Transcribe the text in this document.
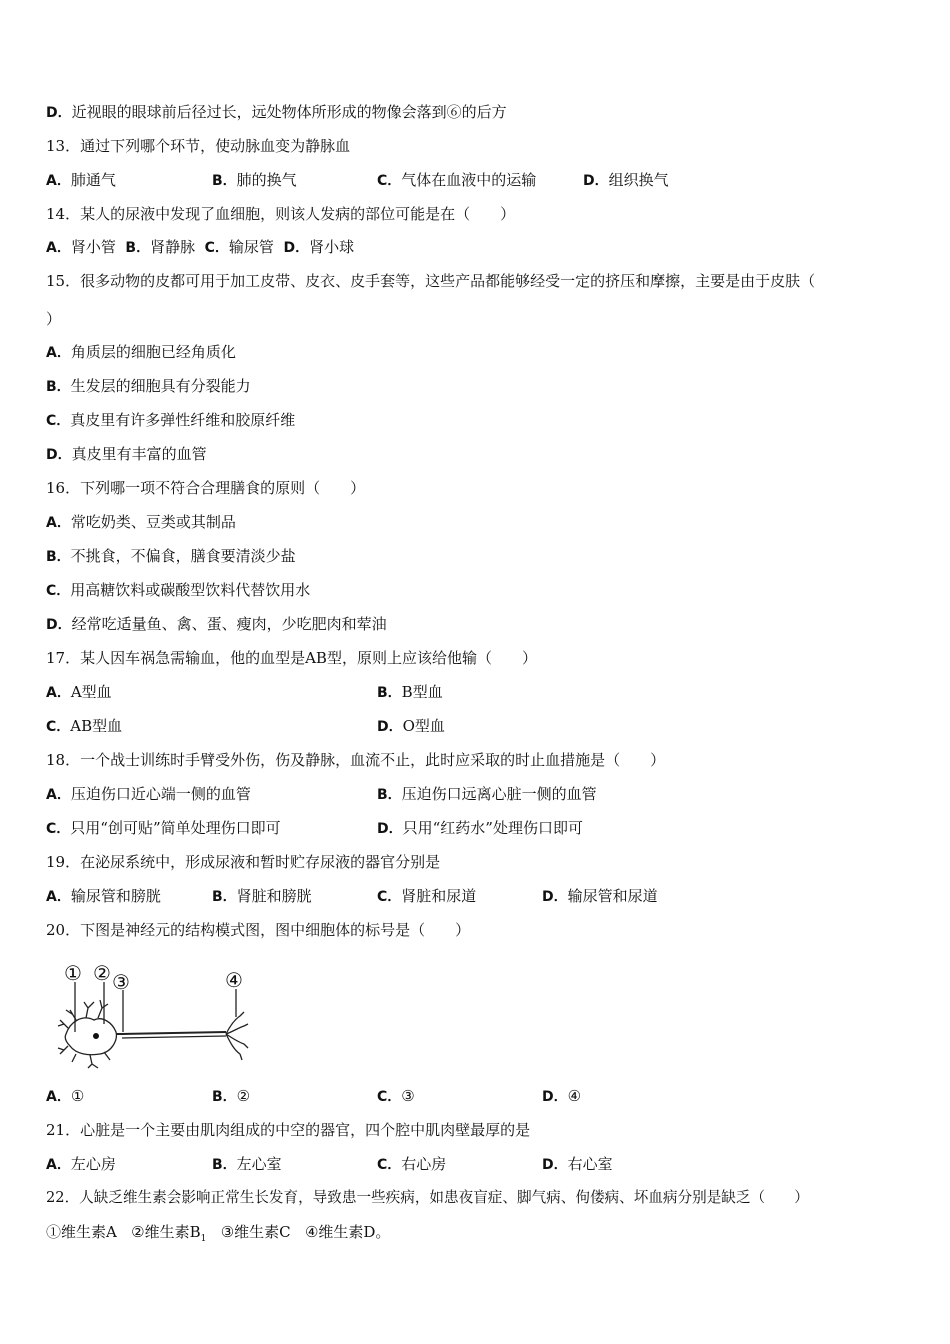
D．近视眼的眼球前后径过长，远处物体所形成的物像会落到⑥的后方
13．通过下列哪个环节，使动脉血变为静脉血
A．肺通气	B．肺的换气	C．气体在血液中的运输	D．组织换气
14．某人的尿液中发现了血细胞，则该人发病的部位可能是在（　　）
A．肾小管 B．肾静脉 C．输尿管 D．肾小球
15．很多动物的皮都可用于加工皮带、皮衣、皮手套等，这些产品都能够经受一定的挤压和摩擦，主要是由于皮肤（
）
A．角质层的细胞已经角质化
B．生发层的细胞具有分裂能力
C．真皮里有许多弹性纤维和胶原纤维
D．真皮里有丰富的血管
16．下列哪一项不符合合理膳食的原则（　　）
A．常吃奶类、豆类或其制品
B．不挑食，不偏食，膳食要清淡少盐
C．用高糖饮料或碳酸型饮料代替饮用水
D．经常吃适量鱼、禽、蛋、瘦肉，少吃肥肉和荤油
17．某人因车祸急需输血，他的血型是AB型，原则上应该给他输（　　）
A．A型血	B．B型血
C．AB型血	D．O型血
18．一个战士训练时手臂受外伤，伤及静脉，血流不止，此时应采取的时止血措施是（　　）
A．压迫伤口近心端一侧的血管	B．压迫伤口远离心脏一侧的血管
C．只用“创可贴”简单处理伤口即可	D．只用“红药水”处理伤口即可
19．在泌尿系统中，形成尿液和暂时贮存尿液的器官分别是
A．输尿管和膀胱	B．肾脏和膀胱	C．肾脏和尿道	D．输尿管和尿道
20．下图是神经元的结构模式图，图中细胞体的标号是（　　）
① ② ③	④
A．①	B．②	C．③	D．④
21．心脏是一个主要由肌肉组成的中空的器官，四个腔中肌肉壁最厚的是
A．左心房	B．左心室	C．右心房	D．右心室
22．人缺乏维生素会影响正常生长发育，导致患一些疾病，如患夜盲症、脚气病、佝偻病、坏血病分别是缺乏（　　）
①维生素A ②维生素$B_1$ ③维生素C ④维生素D。
